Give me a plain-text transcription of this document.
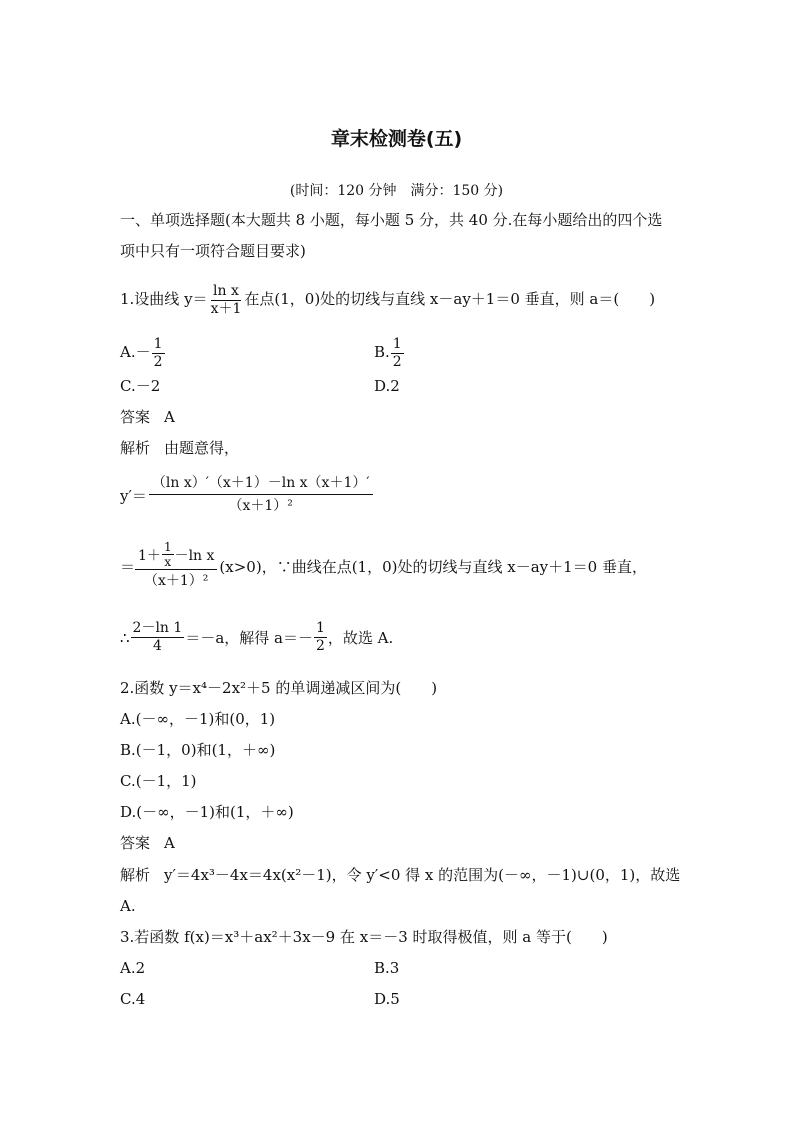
章末检测卷(五)
(时间：120 分钟　满分：150 分)
一、单项选择题(本大题共 8 小题，每小题 5 分，共 40 分.在每小题给出的四个选
项中只有一项符合题目要求)
1.设曲线 $y= \frac{\text{ln x}}{x+1}$ 在点(1，0)处的切线与直线 x－ay＋1＝0 垂直，则 a＝(　　)
$A.- \frac{1}{2}$	B. $\frac{1}{2}$
C.－2	D.2
答案 A
解析 由题意得，
$y'= \frac{\text{（ln x）′（x＋1）－ln x（x＋1）′}}{\text{（x＋1）²}}$
＝
$1+ \frac{1}{x} -\ln$ x
（x＋1）²
(x>0)，∵曲线在点(1，0)处的切线与直线 x－ay＋1＝0 垂直，
∴ $\frac{2-\ln 1}{4} =-a$，解得 $a=- \frac{1}{2}$ ，故选 A.
2.函数 y＝x⁴－2x²＋5 的单调递减区间为(　　)
A.(－∞，－1)和(0，1)
B.(－1，0)和(1，＋∞)
C.(－1，1)
D.(－∞，－1)和(1，＋∞)
答案 A
解析 y′＝4x³－4x＝4x(x²－1)，令 y′<0 得 x 的范围为(－∞，－1)∪(0，1)，故选
A.
3.若函数 f(x)＝x³＋ax²＋3x－9 在 x＝－3 时取得极值，则 a 等于(　　)
A.2	B.3
C.4	D.5
